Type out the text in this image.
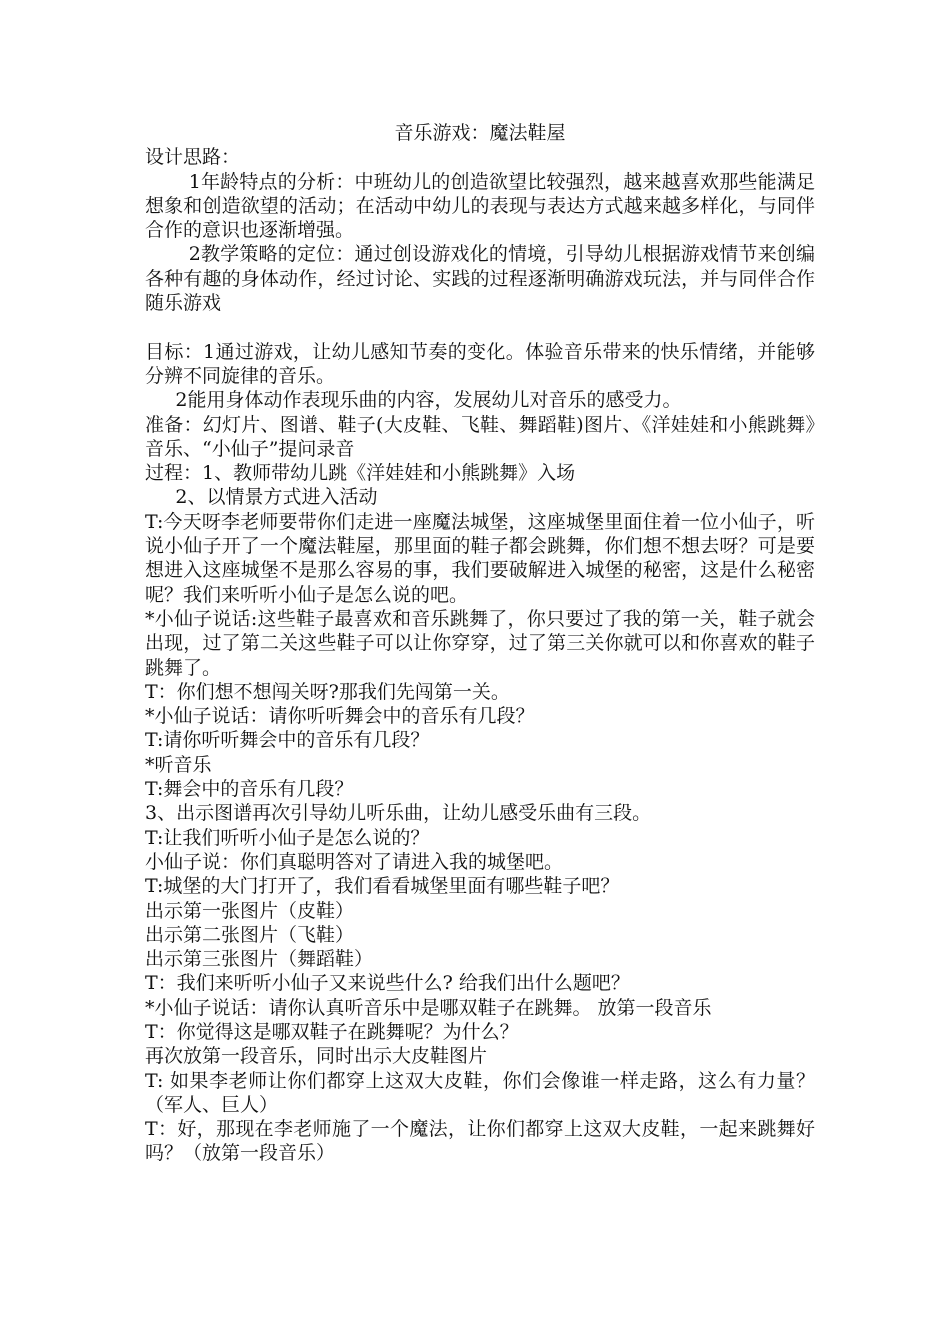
音乐游戏：魔法鞋屋
设计思路：
1年龄特点的分析：中班幼儿的创造欲望比较强烈，越来越喜欢那些能满足想象和创造欲望的活动；在活动中幼儿的表现与表达方式越来越多样化，与同伴合作的意识也逐渐增强。
2教学策略的定位：通过创设游戏化的情境，引导幼儿根据游戏情节来创编各种有趣的身体动作，经过讨论、实践的过程逐渐明确游戏玩法，并与同伴合作随乐游戏
目标：1通过游戏，让幼儿感知节奏的变化。体验音乐带来的快乐情绪，并能够分辨不同旋律的音乐。
2能用身体动作表现乐曲的内容，发展幼儿对音乐的感受力。
准备：幻灯片、图谱、鞋子(大皮鞋、飞鞋、舞蹈鞋)图片、《洋娃娃和小熊跳舞》音乐、“小仙子”提问录音
过程：1、教师带幼儿跳《洋娃娃和小熊跳舞》入场
2、以情景方式进入活动
T:今天呀李老师要带你们走进一座魔法城堡，这座城堡里面住着一位小仙子，听说小仙子开了一个魔法鞋屋，那里面的鞋子都会跳舞，你们想不想去呀？可是要想进入这座城堡不是那么容易的事，我们要破解进入城堡的秘密，这是什么秘密呢？我们来听听小仙子是怎么说的吧。
*小仙子说话:这些鞋子最喜欢和音乐跳舞了，你只要过了我的第一关，鞋子就会出现，过了第二关这些鞋子可以让你穿穿，过了第三关你就可以和你喜欢的鞋子跳舞了。
T：你们想不想闯关呀?那我们先闯第一关。
*小仙子说话：请你听听舞会中的音乐有几段？
T:请你听听舞会中的音乐有几段？
*听音乐
T:舞会中的音乐有几段？
3、出示图谱再次引导幼儿听乐曲，让幼儿感受乐曲有三段。
T:让我们听听小仙子是怎么说的？
小仙子说：你们真聪明答对了请进入我的城堡吧。
T:城堡的大门打开了，我们看看城堡里面有哪些鞋子吧？
出示第一张图片（皮鞋）
出示第二张图片（飞鞋）
出示第三张图片（舞蹈鞋）
T：我们来听听小仙子又来说些什么? 给我们出什么题吧？
*小仙子说话：请你认真听音乐中是哪双鞋子在跳舞。 放第一段音乐
T：你觉得这是哪双鞋子在跳舞呢？为什么？
再次放第一段音乐，同时出示大皮鞋图片
T: 如果李老师让你们都穿上这双大皮鞋，你们会像谁一样走路，这么有力量？（军人、巨人）
T：好，那现在李老师施了一个魔法，让你们都穿上这双大皮鞋，一起来跳舞好吗？（放第一段音乐）
